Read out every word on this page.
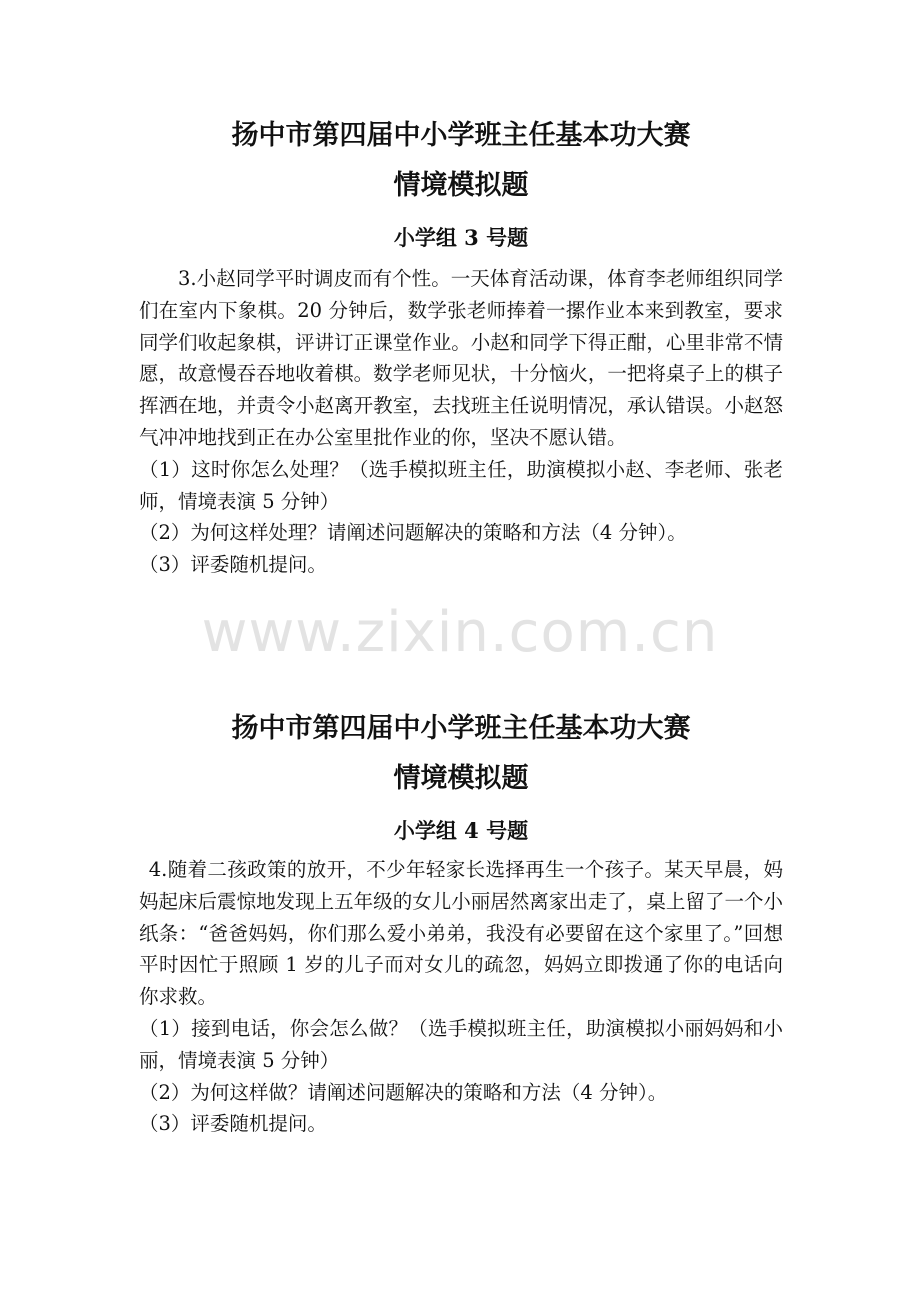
www.zixin.com.cn

扬中市第四届中小学班主任基本功大赛

情境模拟题

小学组 3 号题

3.小赵同学平时调皮而有个性。一天体育活动课，体育李老师组织同学们在室内下象棋。20 分钟后，数学张老师捧着一摞作业本来到教室，要求同学们收起象棋，评讲订正课堂作业。小赵和同学下得正酣，心里非常不情愿，故意慢吞吞地收着棋。数学老师见状，十分恼火，一把将桌子上的棋子挥洒在地，并责令小赵离开教室，去找班主任说明情况，承认错误。小赵怒气冲冲地找到正在办公室里批作业的你，坚决不愿认错。

（1）这时你怎么处理？（选手模拟班主任，助演模拟小赵、李老师、张老师，情境表演 5 分钟）

（2）为何这样处理？请阐述问题解决的策略和方法（4 分钟）。

（3）评委随机提问。

扬中市第四届中小学班主任基本功大赛

情境模拟题

小学组 4 号题

4.随着二孩政策的放开，不少年轻家长选择再生一个孩子。某天早晨，妈妈起床后震惊地发现上五年级的女儿小丽居然离家出走了，桌上留了一个小纸条：“爸爸妈妈，你们那么爱小弟弟，我没有必要留在这个家里了。”回想平时因忙于照顾 1 岁的儿子而对女儿的疏忽，妈妈立即拨通了你的电话向你求救。

（1）接到电话，你会怎么做？（选手模拟班主任，助演模拟小丽妈妈和小丽，情境表演 5 分钟）

（2）为何这样做？请阐述问题解决的策略和方法（4 分钟）。

（3）评委随机提问。
